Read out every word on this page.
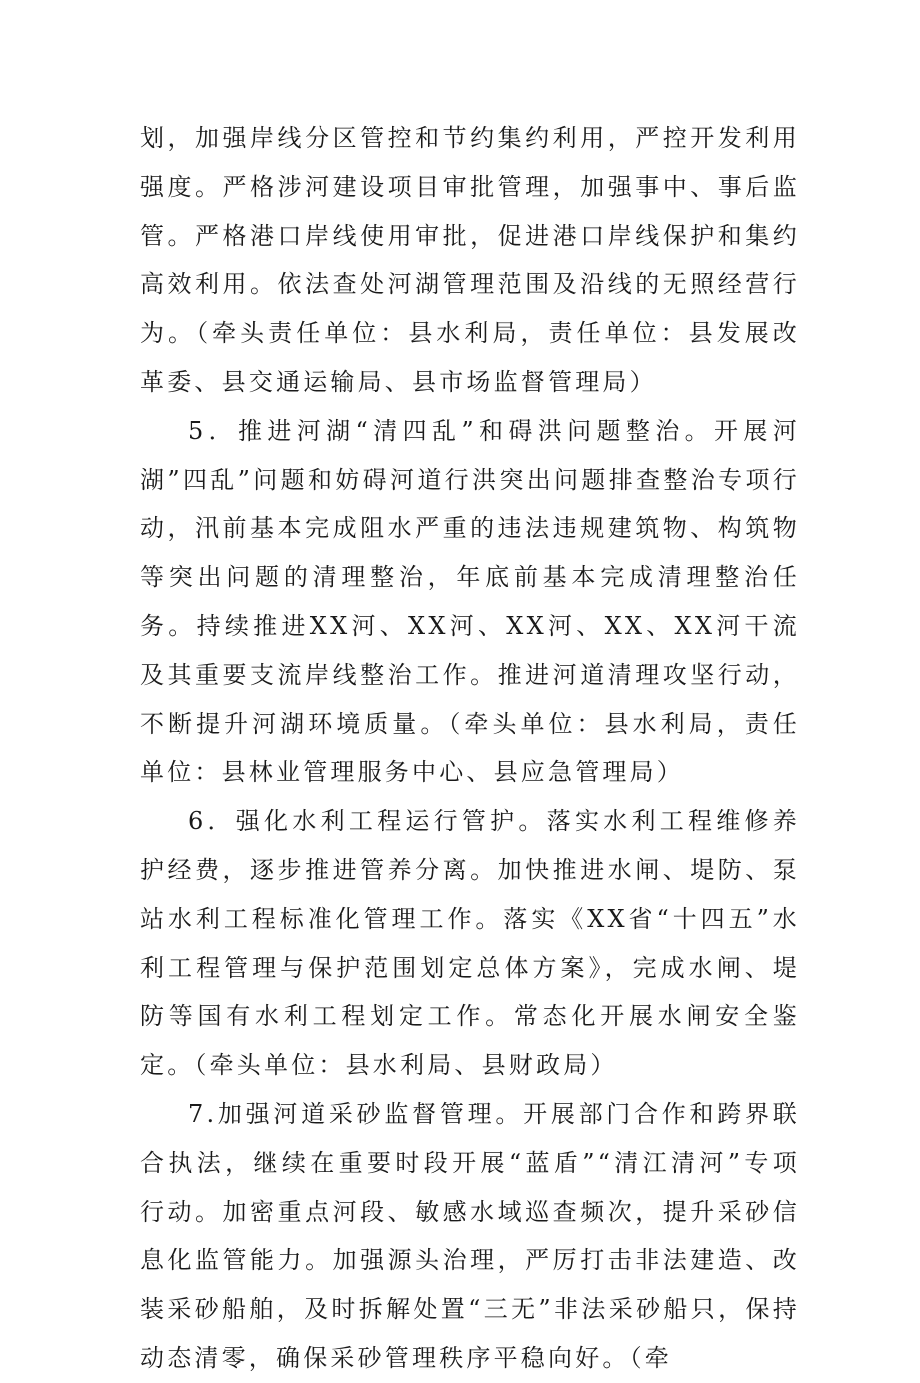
划，加强岸线分区管控和节约集约利用，严控开发利用强度。严格涉河建设项目审批管理，加强事中、事后监管。严格港口岸线使用审批，促进港口岸线保护和集约高效利用。依法查处河湖管理范围及沿线的无照经营行为。（牵头责任单位：县水利局，责任单位：县发展改革委、县交通运输局、县市场监督管理局）

5．推进河湖“清四乱”和碍洪问题整治。开展河湖”四乱”问题和妨碍河道行洪突出问题排查整治专项行动，汛前基本完成阻水严重的违法违规建筑物、构筑物等突出问题的清理整治，年底前基本完成清理整治任务。持续推进XX河、XX河、XX河、XX、XX河干流及其重要支流岸线整治工作。推进河道清理攻坚行动，不断提升河湖环境质量。（牵头单位：县水利局，责任单位：县林业管理服务中心、县应急管理局）

6．强化水利工程运行管护。落实水利工程维修养护经费，逐步推进管养分离。加快推进水闸、堤防、泵站水利工程标准化管理工作。落实《XX省“十四五”水利工程管理与保护范围划定总体方案》，完成水闸、堤防等国有水利工程划定工作。常态化开展水闸安全鉴定。（牵头单位：县水利局、县财政局）

7.加强河道采砂监督管理。开展部门合作和跨界联合执法，继续在重要时段开展“蓝盾”“清江清河”专项行动。加密重点河段、敏感水域巡查频次，提升采砂信息化监管能力。加强源头治理，严厉打击非法建造、改装采砂船舶，及时拆解处置“三无”非法采砂船只，保持动态清零，确保采砂管理秩序平稳向好。（牵
